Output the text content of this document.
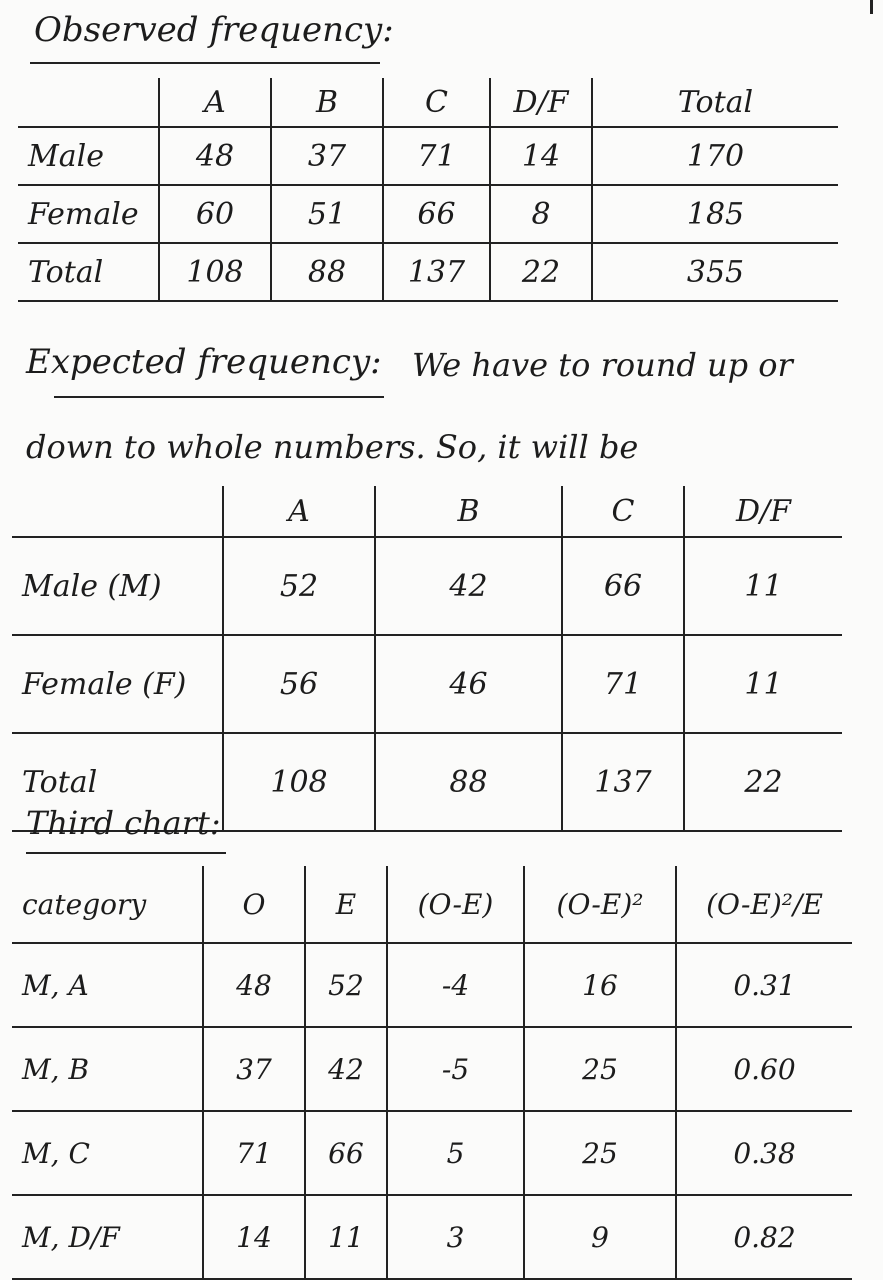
Observed frequency:
	A	B	C	D/F	Total
Male	48	37	71	14	170
Female	60	51	66	8	185
Total	108	88	137	22	355
Expected frequency: We have to round up or
down to whole numbers. So, it will be
	A	B	C	D/F
Male (M)	52	42	66	11
Female (F)	56	46	71	11
Total	108	88	137	22
Third chart:
category	O	E	(O-E)	(O-E)²	(O-E)²/E
M, A	48	52	-4	16	0.31
M, B	37	42	-5	25	0.60
M, C	71	66	5	25	0.38
M, D/F	14	11	3	9	0.82
